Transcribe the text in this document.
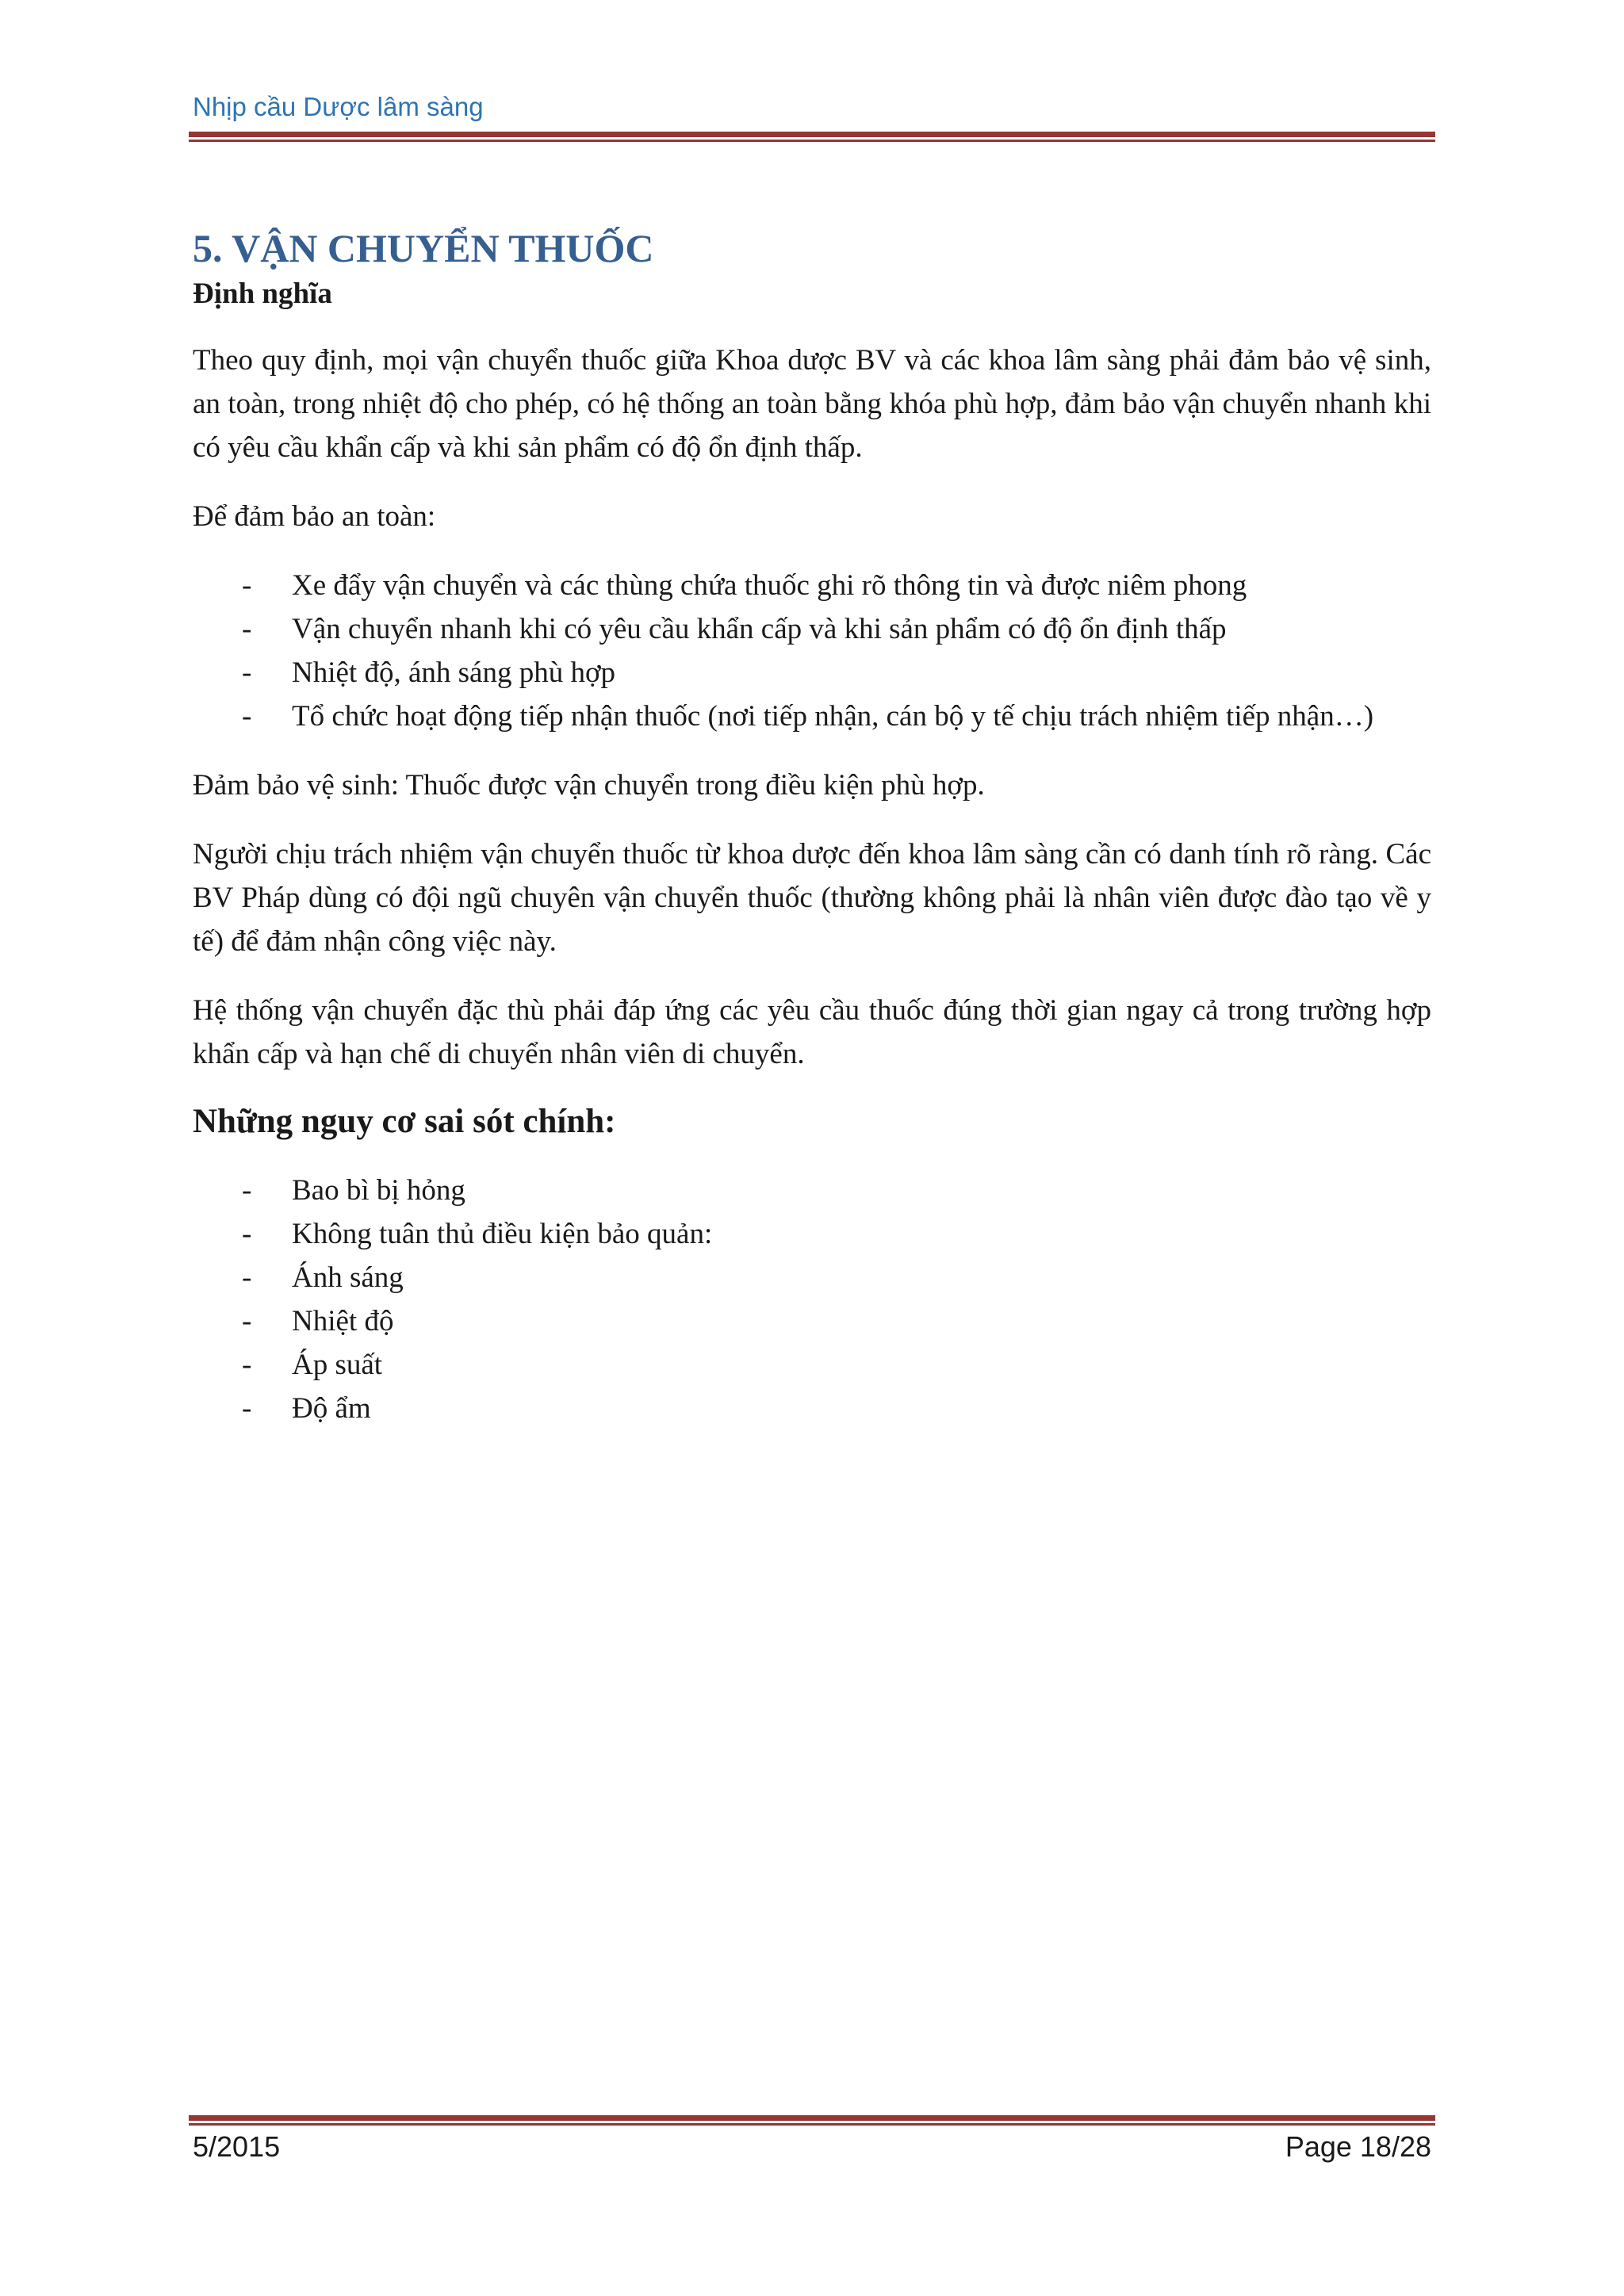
Nhịp cầu Dược lâm sàng
5. VẬN CHUYỂN THUỐC
Định nghĩa

Theo quy định, mọi vận chuyển thuốc giữa Khoa dược BV và các khoa lâm sàng phải đảm bảo vệ sinh, an toàn, trong nhiệt độ cho phép, có hệ thống an toàn bằng khóa phù hợp, đảm bảo vận chuyển nhanh khi có yêu cầu khẩn cấp và khi sản phẩm có độ ổn định thấp.

Để đảm bảo an toàn:

- Xe đẩy vận chuyển và các thùng chứa thuốc ghi rõ thông tin và được niêm phong
- Vận chuyển nhanh khi có yêu cầu khẩn cấp và khi sản phẩm có độ ổn định thấp
- Nhiệt độ, ánh sáng phù hợp
- Tổ chức hoạt động tiếp nhận thuốc (nơi tiếp nhận, cán bộ y tế chịu trách nhiệm tiếp nhận…)

Đảm bảo vệ sinh: Thuốc được vận chuyển trong điều kiện phù hợp.

Người chịu trách nhiệm vận chuyển thuốc từ khoa dược đến khoa lâm sàng cần có danh tính rõ ràng. Các BV Pháp dùng có đội ngũ chuyên vận chuyển thuốc (thường không phải là nhân viên được đào tạo về y tế) để đảm nhận công việc này.

Hệ thống vận chuyển đặc thù phải đáp ứng các yêu cầu thuốc đúng thời gian ngay cả trong trường hợp khẩn cấp và hạn chế di chuyển nhân viên di chuyển.

Những nguy cơ sai sót chính:
- Bao bì bị hỏng
- Không tuân thủ điều kiện bảo quản:
- Ánh sáng
- Nhiệt độ
- Áp suất
- Độ ẩm
5/2015	Page 18/28
